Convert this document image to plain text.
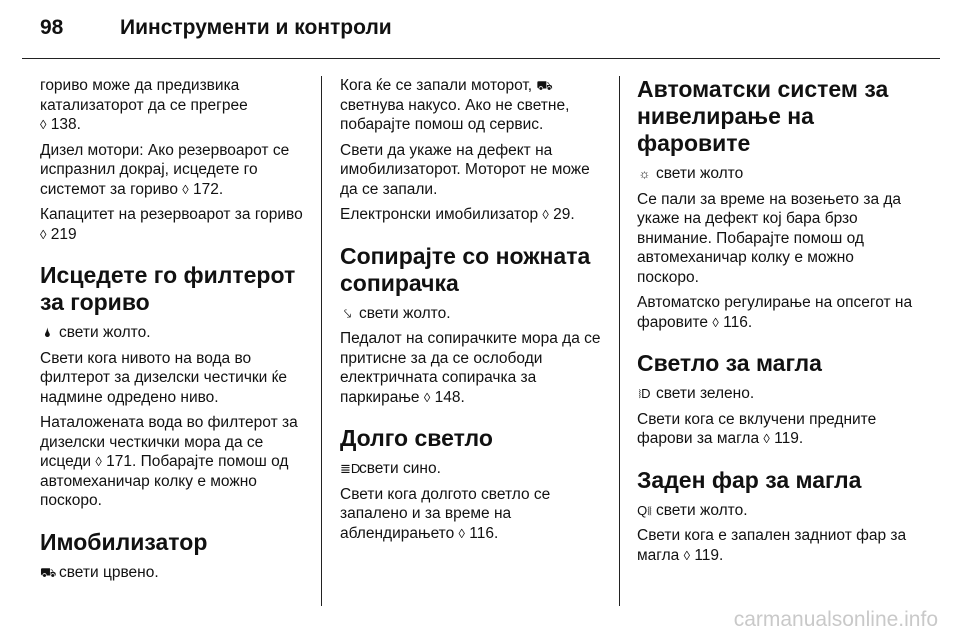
98	Иинструменти и контроли

гориво може да предизвика катализаторот да се прегрее
◊ 138.

Дизел мотори: Ако резервоарот се испразнил докрај, исцедете го системот за гориво ◊ 172.

Капацитет на резервоарот за гориво ◊ 219

Исцедете го филтерот за гориво

🌢 свети жолто.

Свети кога нивото на вода во филтерот за дизелски честички ќе надмине одредено ниво.

Наталожената вода во филтерот за дизелски честкички мора да се исцеди ◊ 171. Побарајте помош од автомеханичар колку е можно поскоро.

Имобилизатор

⛟ свети црвено.

Кога ќе се запали моторот, ⛟светнува накусо. Ако не светне, побарајте помош од сервис.

Свети да укаже на дефект на имобилизаторот. Моторот не може да се запали.

Електронски имобилизатор ◊ 29.

Сопирајте со ножната сопирачка

⤥ свети жолто.

Педалот на сопирачките мора да се притисне за да се ослободи електричната сопирачка за паркирање ◊ 148.

Долго светло

≣Dсвети сино.

Свети кога долгото светло се запалено и за време на аблендирањето ◊ 116.

Автоматски систем за нивелирање на фаровите

☼ свети жолто

Се пали за време на возењето за да укаже на дефект кој бара брзо внимание. Побарајте помош од автомеханичар колку е можно поскоро.

Автоматско регулирање на опсегот на фаровите ◊ 116.

Светло за магла

⧘D свети зелено.

Свети кога се вклучени предните фарови за магла ◊ 119.

Заден фар за магла

Q⧛ свети жолто.

Свети кога е запален задниот фар за магла ◊ 119.

carmanualsonline.info
